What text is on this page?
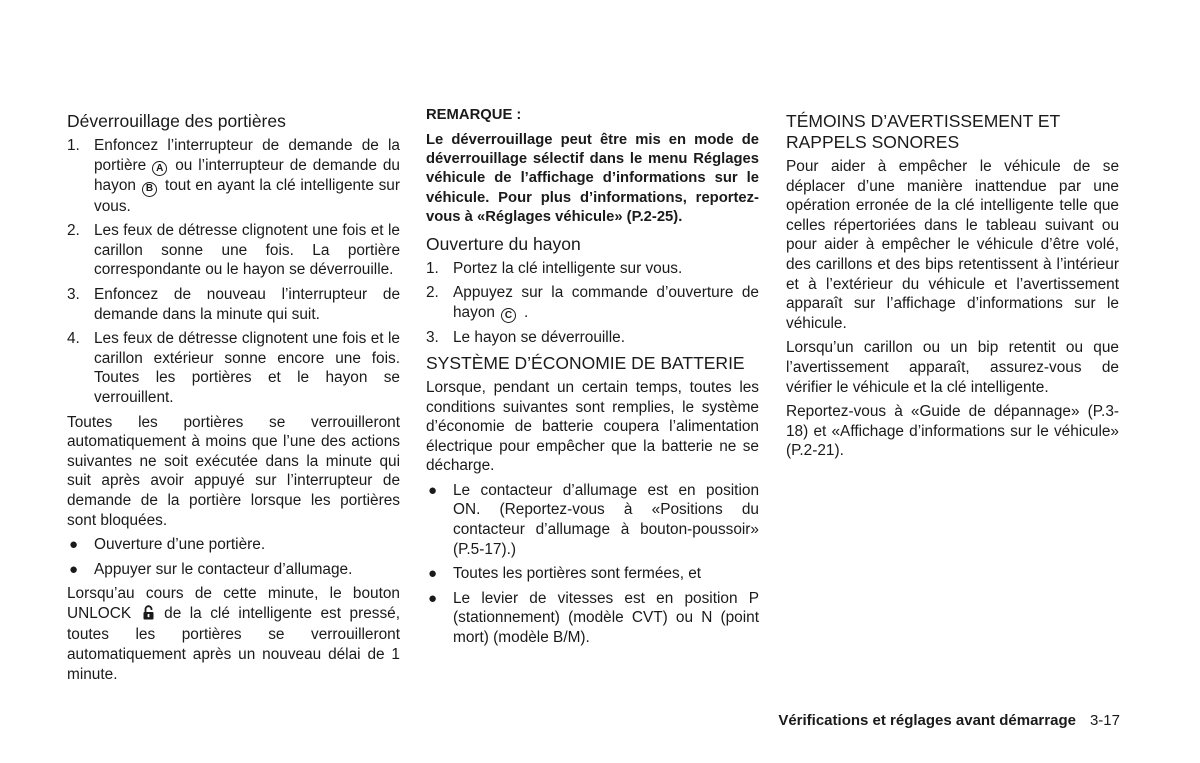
Déverrouillage des portières
1. Enfoncez l’interrupteur de demande de la portière A ou l’interrupteur de demande du hayon B tout en ayant la clé intelligente sur vous.
2. Les feux de détresse clignotent une fois et le carillon sonne une fois. La portière correspondante ou le hayon se déverrouille.
3. Enfoncez de nouveau l’interrupteur de demande dans la minute qui suit.
4. Les feux de détresse clignotent une fois et le carillon extérieur sonne encore une fois. Toutes les portières et le hayon se verrouillent.

Toutes les portières se verrouilleront automatiquement à moins que l’une des actions suivantes ne soit exécutée dans la minute qui suit après avoir appuyé sur l’interrupteur de demande de la portière lorsque les portières sont bloquées.

● Ouverture d’une portière.
● Appuyer sur le contacteur d’allumage.

Lorsqu’au cours de cette minute, le bouton UNLOCK de la clé intelligente est pressé, toutes les portières se verrouilleront automatiquement après un nouveau délai de 1 minute.

REMARQUE :
Le déverrouillage peut être mis en mode de déverrouillage sélectif dans le menu Réglages véhicule de l’affichage d’informations sur le véhicule. Pour plus d’informations, reportez-vous à «Réglages véhicule» (P.2-25).
Ouverture du hayon
1. Portez la clé intelligente sur vous.
2. Appuyez sur la commande d’ouverture de hayon C .
3. Le hayon se déverrouille.
SYSTÈME D’ÉCONOMIE DE BATTERIE

Lorsque, pendant un certain temps, toutes les conditions suivantes sont remplies, le système d’économie de batterie coupera l’alimentation électrique pour empêcher que la batterie ne se décharge.

● Le contacteur d’allumage est en position ON. (Reportez-vous à «Positions du contacteur d’allumage à bouton-poussoir» (P.5-17).)
● Toutes les portières sont fermées, et
● Le levier de vitesses est en position P (stationnement) (modèle CVT) ou N (point mort) (modèle B/M).
TÉMOINS D’AVERTISSEMENT ET RAPPELS SONORES

Pour aider à empêcher le véhicule de se déplacer d’une manière inattendue par une opération erronée de la clé intelligente telle que celles répertoriées dans le tableau suivant ou pour aider à empêcher le véhicule d’être volé, des carillons et des bips retentissent à l’intérieur et à l’extérieur du véhicule et l’avertissement apparaît sur l’affichage d’informations sur le véhicule.

Lorsqu’un carillon ou un bip retentit ou que l’avertissement apparaît, assurez-vous de vérifier le véhicule et la clé intelligente.

Reportez-vous à «Guide de dépannage» (P.3-18) et «Affichage d’informations sur le véhicule» (P.2-21).

Vérifications et réglages avant démarrage 3-17
